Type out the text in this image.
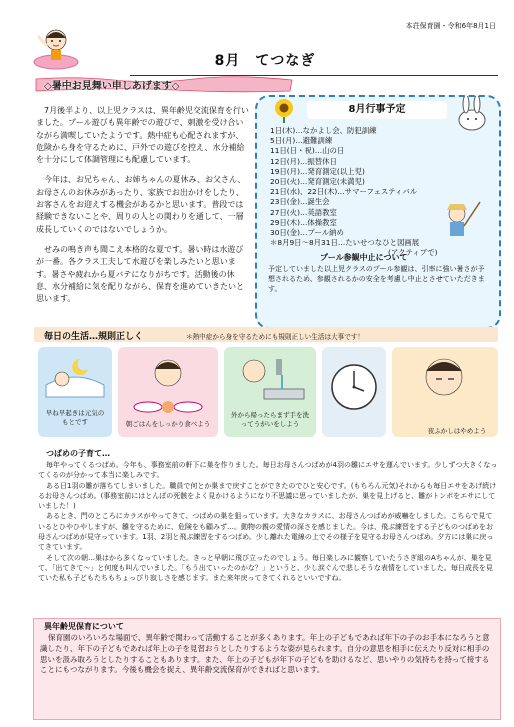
本荘保育園・令和6年8月1日
8月　てつなぎ
◇暑中お見舞い申しあげます◇

7月後半より、以上児クラスは、異年齢児交流保育を行いました。プール遊びも異年齢での遊びで、刺激を受け合いながら満喫していたようです。熱中症も心配されますが、危険から身を守るために、戸外での遊びを控え、水分補給を十分にして体調管理にも配慮しています。

今年は、お兄ちゃん、お姉ちゃんの夏休み、お父さん、お母さんのお休みがあったり、家族でお出かけをしたり、お客さんをお迎えする機会があるかと思います。普段では経験できないことや、周りの人との関わりを通して、一層成長していくのではないでしょうか。

せみの鳴き声も聞こえ本格的な夏です。暑い時は水遊びが一番。各クラス工夫して水遊びを楽しみたいと思います。暑さや疲れから夏バテになりがちです。活動後の休息、水分補給に気を配りながら、保育を進めていきたいと思います。

8月行事予定
1日(木)…なかよし会、防犯訓練
5日(月)…避難訓練
11日(日・祝)…山の日
12日(月)…振替休日
19日(月)…発育測定(以上児)
20日(火)…発育測定(未満児)
21日(水)、22日(木)…サマーフェスティバル
23日(金)…誕生会
27日(火)…英語教室
29日(木)…体操教室
30日(金)…プール納め
＊8月9日～8月31日…たいせつなひと図画展
(アクティブで)
プール参観中止について
予定していました以上児クラスのプール参観は、引率に強い暑さが予想されるため、参観されるかの安全を考慮し中止とさせていただきます。
毎日の生活…規則正しく	＊熱中症から身を守るためにも規則正しい生活は大事です！
早ね早起きは元気のもとです	朝ごはんをしっかり食べよう
外から帰ったらまず手を洗ってうがいをしよう
夜ふかしはやめよう
つばめの子育て…

毎年やってくるつばめ。今年も、事務室前の軒下に巣を作りました。毎日お母さんつばめが4羽の雛にエサを運んでいます。少しずつ大きくなってくるのが分かって本当に楽しみです。

ある日1羽の雛が落ちてしまいました。職員で何とか巣まで戻すことができたのでひと安心です。(もちろん元気)それからも毎日エサをあげ続けるお母さんつばめ。(事務室前にはとんぼの死骸をよく見かけるようになり不思議に思っていましたが、巣を見上げると、雛がトンボをエサにしていました！)

あるとき、門のところにカラスがやってきて、つばめの巣を狙っています。大きなカラスに、お母さんつばめが威嚇をしました。こちらで見ているとひやひやしますが、雛を守るために、危険をも顧みず…。動物の親の愛情の深さを感じました。今は、飛ぶ練習をする子どものつばめをお母さんつばめが見守っています。1羽、2羽と飛ぶ練習をするつばめ。少し離れた電線の上でその様子を見守るお母さんつばめ。夕方には巣に戻ってきています。

そして次の朝…巣はから多くなっていました。きっと早朝に飛び立ったのでしょう。毎日楽しみに観察していたうさぎ組のAちゃんが、巣を見て、「出てきて～」と何度も叫んでいました。「もう出ていったのかな？」というと、少し涙ぐんで悲しそうな表情をしていました。毎日成長を見ていた私も子どもたちもちょっぴり寂しさを感じます。また来年戻ってきてくれるといいですね。

異年齢児保育について

保育園のいろいろな場面で、異年齢で関わって活動することが多くあります。年上の子どもであれば年下の子のお手本になろうと意識したり、年下の子どもであれば年上の子を見習おうとしたりするような姿が見られます。自分の意思を相手に伝えたり反対に相手の思いを汲み取ろうとしたりすることもあります。また、年上の子どもが年下の子どもを助けるなど、思いやりの気持ちを持って接することにもつながります。今後も機会を捉え、異年齢交流保育ができればと思います。
